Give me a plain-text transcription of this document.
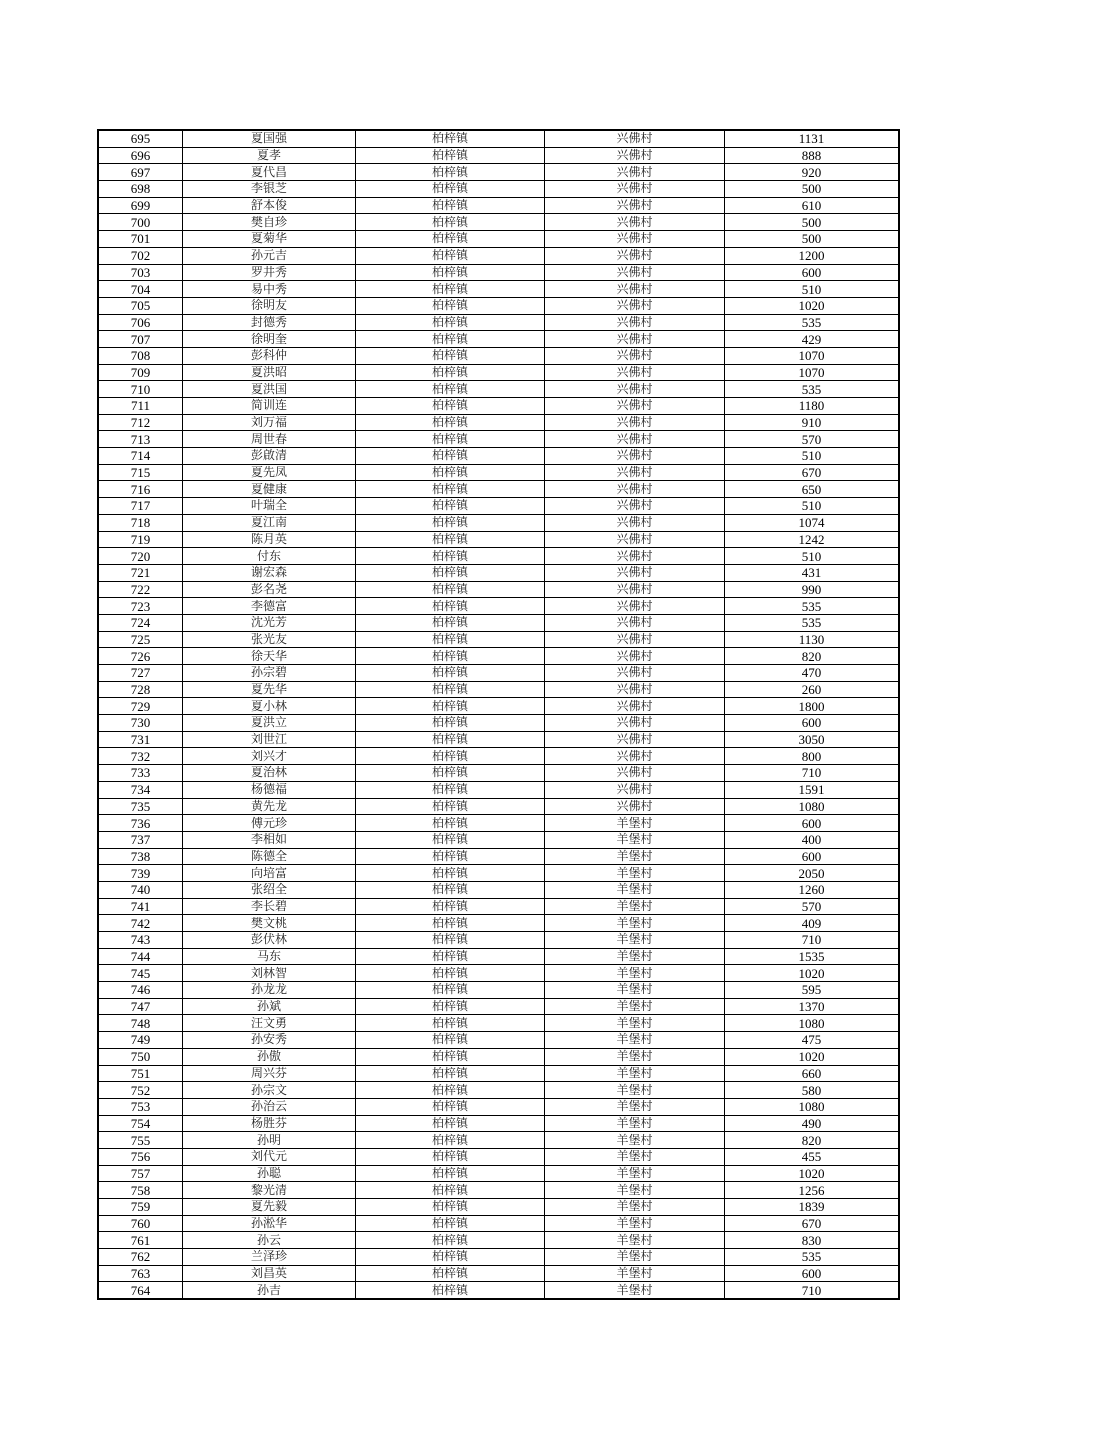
695	夏国强	柏梓镇	兴佛村	1131
696	夏孝	柏梓镇	兴佛村	888
697	夏代昌	柏梓镇	兴佛村	920
698	李银芝	柏梓镇	兴佛村	500
699	舒本俊	柏梓镇	兴佛村	610
700	樊自珍	柏梓镇	兴佛村	500
701	夏菊华	柏梓镇	兴佛村	500
702	孙元吉	柏梓镇	兴佛村	1200
703	罗井秀	柏梓镇	兴佛村	600
704	易中秀	柏梓镇	兴佛村	510
705	徐明友	柏梓镇	兴佛村	1020
706	封德秀	柏梓镇	兴佛村	535
707	徐明奎	柏梓镇	兴佛村	429
708	彭科仲	柏梓镇	兴佛村	1070
709	夏洪昭	柏梓镇	兴佛村	1070
710	夏洪国	柏梓镇	兴佛村	535
711	简训连	柏梓镇	兴佛村	1180
712	刘万福	柏梓镇	兴佛村	910
713	周世春	柏梓镇	兴佛村	570
714	彭啟清	柏梓镇	兴佛村	510
715	夏先凤	柏梓镇	兴佛村	670
716	夏健康	柏梓镇	兴佛村	650
717	叶瑞全	柏梓镇	兴佛村	510
718	夏江南	柏梓镇	兴佛村	1074
719	陈月英	柏梓镇	兴佛村	1242
720	付东	柏梓镇	兴佛村	510
721	谢宏森	柏梓镇	兴佛村	431
722	彭名尧	柏梓镇	兴佛村	990
723	李德富	柏梓镇	兴佛村	535
724	沈光芳	柏梓镇	兴佛村	535
725	张光友	柏梓镇	兴佛村	1130
726	徐天华	柏梓镇	兴佛村	820
727	孙宗碧	柏梓镇	兴佛村	470
728	夏先华	柏梓镇	兴佛村	260
729	夏小林	柏梓镇	兴佛村	1800
730	夏洪立	柏梓镇	兴佛村	600
731	刘世江	柏梓镇	兴佛村	3050
732	刘兴才	柏梓镇	兴佛村	800
733	夏治林	柏梓镇	兴佛村	710
734	杨德福	柏梓镇	兴佛村	1591
735	黄先龙	柏梓镇	兴佛村	1080
736	傅元珍	柏梓镇	羊堡村	600
737	李相如	柏梓镇	羊堡村	400
738	陈德全	柏梓镇	羊堡村	600
739	向培富	柏梓镇	羊堡村	2050
740	张绍全	柏梓镇	羊堡村	1260
741	李长碧	柏梓镇	羊堡村	570
742	樊文桃	柏梓镇	羊堡村	409
743	彭伏林	柏梓镇	羊堡村	710
744	马东	柏梓镇	羊堡村	1535
745	刘林智	柏梓镇	羊堡村	1020
746	孙龙龙	柏梓镇	羊堡村	595
747	孙斌	柏梓镇	羊堡村	1370
748	汪文勇	柏梓镇	羊堡村	1080
749	孙安秀	柏梓镇	羊堡村	475
750	孙傲	柏梓镇	羊堡村	1020
751	周兴芬	柏梓镇	羊堡村	660
752	孙宗文	柏梓镇	羊堡村	580
753	孙治云	柏梓镇	羊堡村	1080
754	杨胜芬	柏梓镇	羊堡村	490
755	孙明	柏梓镇	羊堡村	820
756	刘代元	柏梓镇	羊堡村	455
757	孙聪	柏梓镇	羊堡村	1020
758	黎光清	柏梓镇	羊堡村	1256
759	夏先毅	柏梓镇	羊堡村	1839
760	孙淞华	柏梓镇	羊堡村	670
761	孙云	柏梓镇	羊堡村	830
762	兰泽珍	柏梓镇	羊堡村	535
763	刘昌英	柏梓镇	羊堡村	600
764	孙吉	柏梓镇	羊堡村	710
